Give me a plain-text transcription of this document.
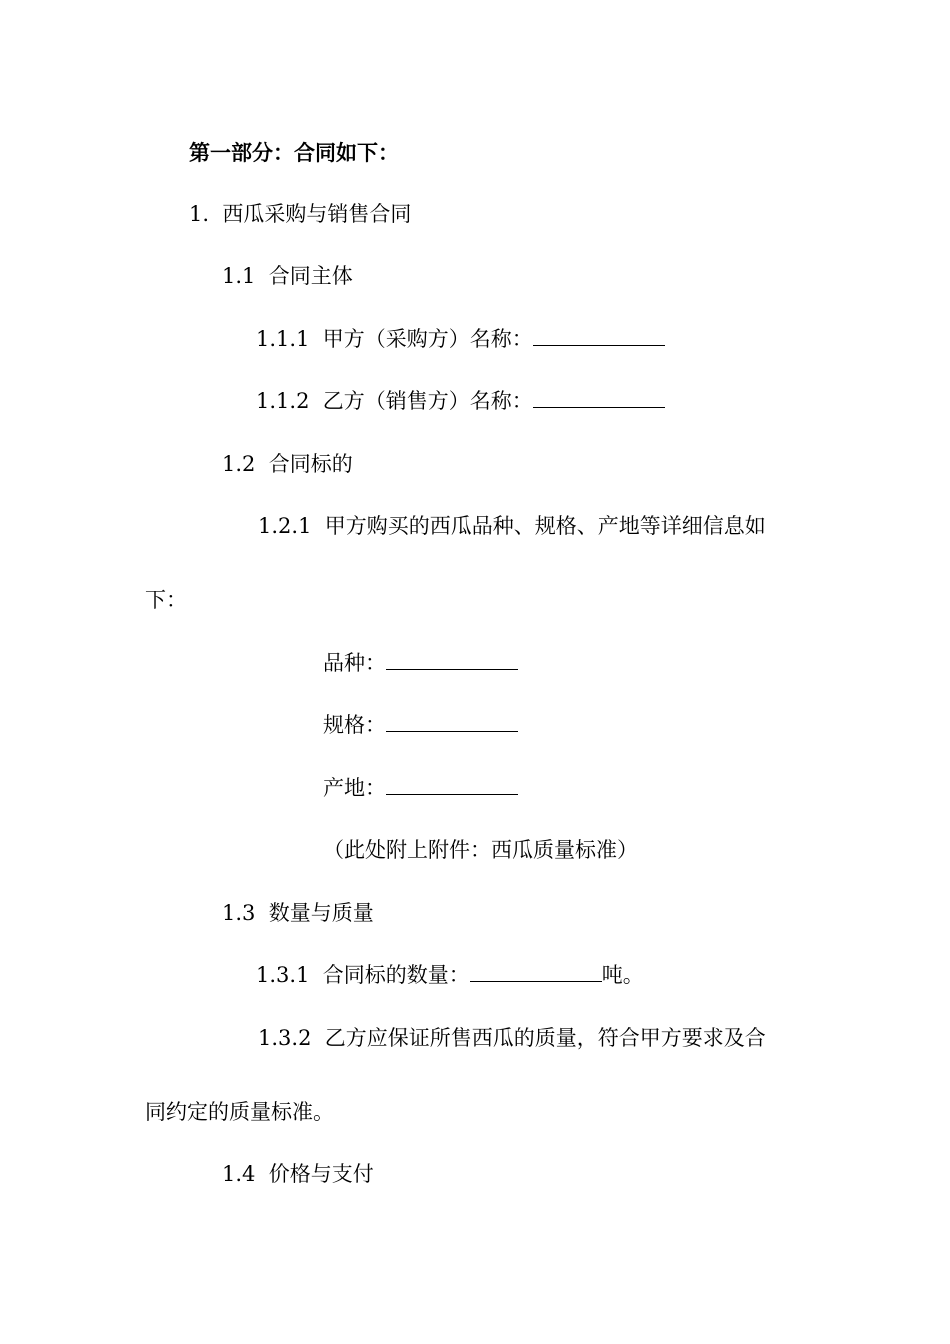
第一部分：合同如下：
1. 西瓜采购与销售合同
1.1 合同主体
1.1.1 甲方（采购方）名称：
1.1.2 乙方（销售方）名称：
1.2 合同标的
1.2.1 甲方购买的西瓜品种、规格、产地等详细信息如
下：
品种：
规格：
产地：
（此处附上附件：西瓜质量标准）
1.3 数量与质量
1.3.1 合同标的数量：	吨。
1.3.2 乙方应保证所售西瓜的质量，符合甲方要求及合
同约定的质量标准。
1.4 价格与支付
